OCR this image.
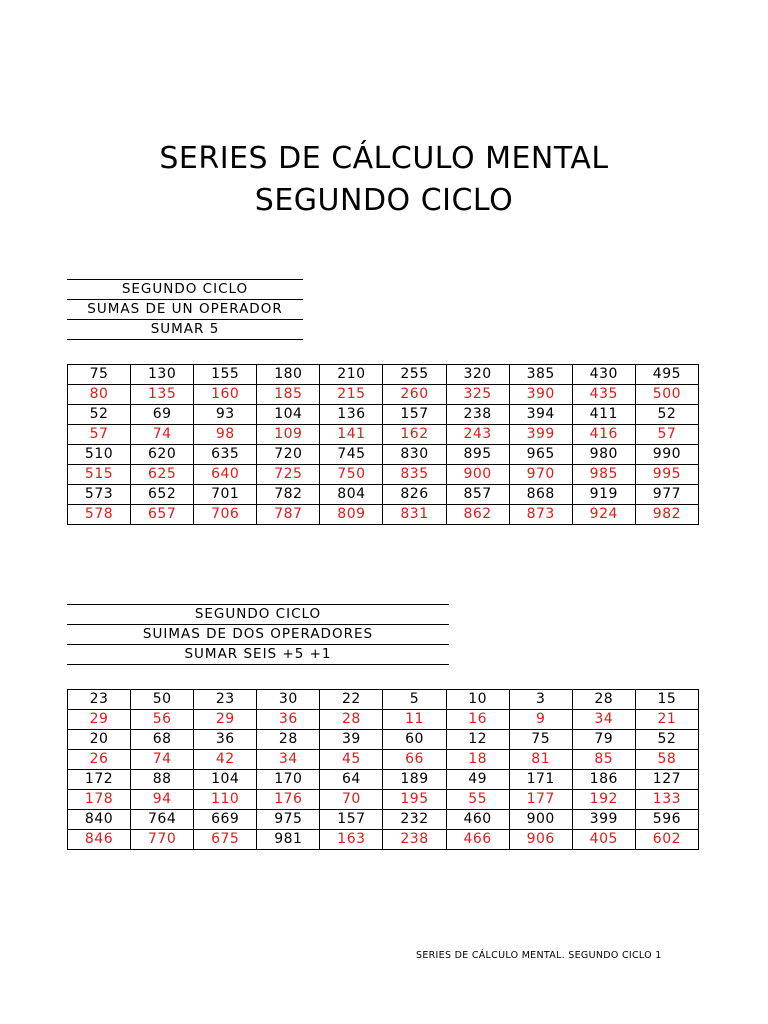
SERIES DE CÁLCULO MENTAL
SEGUNDO CICLO
SEGUNDO CICLO
SUMAS DE UN OPERADOR
SUMAR 5
75	130	155	180	210	255	320	385	430	495
80	135	160	185	215	260	325	390	435	500
52	69	93	104	136	157	238	394	411	52
57	74	98	109	141	162	243	399	416	57
510	620	635	720	745	830	895	965	980	990
515	625	640	725	750	835	900	970	985	995
573	652	701	782	804	826	857	868	919	977
578	657	706	787	809	831	862	873	924	982
SEGUNDO CICLO
SUIMAS DE DOS OPERADORES
SUMAR SEIS +5 +1
23	50	23	30	22	5	10	3	28	15
29	56	29	36	28	11	16	9	34	21
20	68	36	28	39	60	12	75	79	52
26	74	42	34	45	66	18	81	85	58
172	88	104	170	64	189	49	171	186	127
178	94	110	176	70	195	55	177	192	133
840	764	669	975	157	232	460	900	399	596
846	770	675	981	163	238	466	906	405	602
SERIES DE CÁLCULO MENTAL. SEGUNDO CICLO 1
